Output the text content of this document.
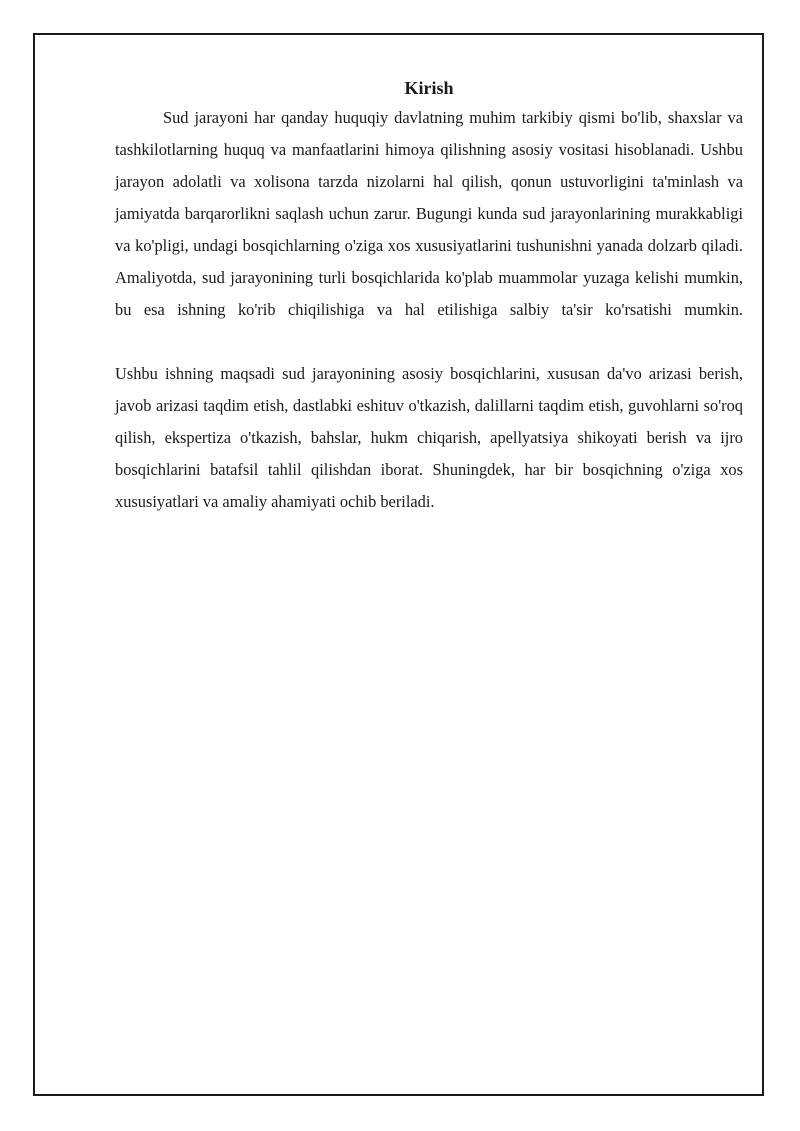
Kirish

Sud jarayoni har qanday huquqiy davlatning muhim tarkibiy qismi bo'lib, shaxslar va tashkilotlarning huquq va manfaatlarini himoya qilishning asosiy vositasi hisoblanadi. Ushbu jarayon adolatli va xolisona tarzda nizolarni hal qilish, qonun ustuvorligini ta'minlash va jamiyatda barqarorlikni saqlash uchun zarur. Bugungi kunda sud jarayonlarining murakkabligi va ko'pligi, undagi bosqichlarning o'ziga xos xususiyatlarini tushunishni yanada dolzarb qiladi. Amaliyotda, sud jarayonining turli bosqichlarida ko'plab muammolar yuzaga kelishi mumkin, bu esa ishning ko'rib chiqilishiga va hal etilishiga salbiy ta'sir ko'rsatishi mumkin.

Ushbu ishning maqsadi sud jarayonining asosiy bosqichlarini, xususan da'vo arizasi berish, javob arizasi taqdim etish, dastlabki eshituv o'tkazish, dalillarni taqdim etish, guvohlarni so'roq qilish, ekspertiza o'tkazish, bahslar, hukm chiqarish, apellyatsiya shikoyati berish va ijro bosqichlarini batafsil tahlil qilishdan iborat. Shuningdek, har bir bosqichning o'ziga xos xususiyatlari va amaliy ahamiyati ochib beriladi.
